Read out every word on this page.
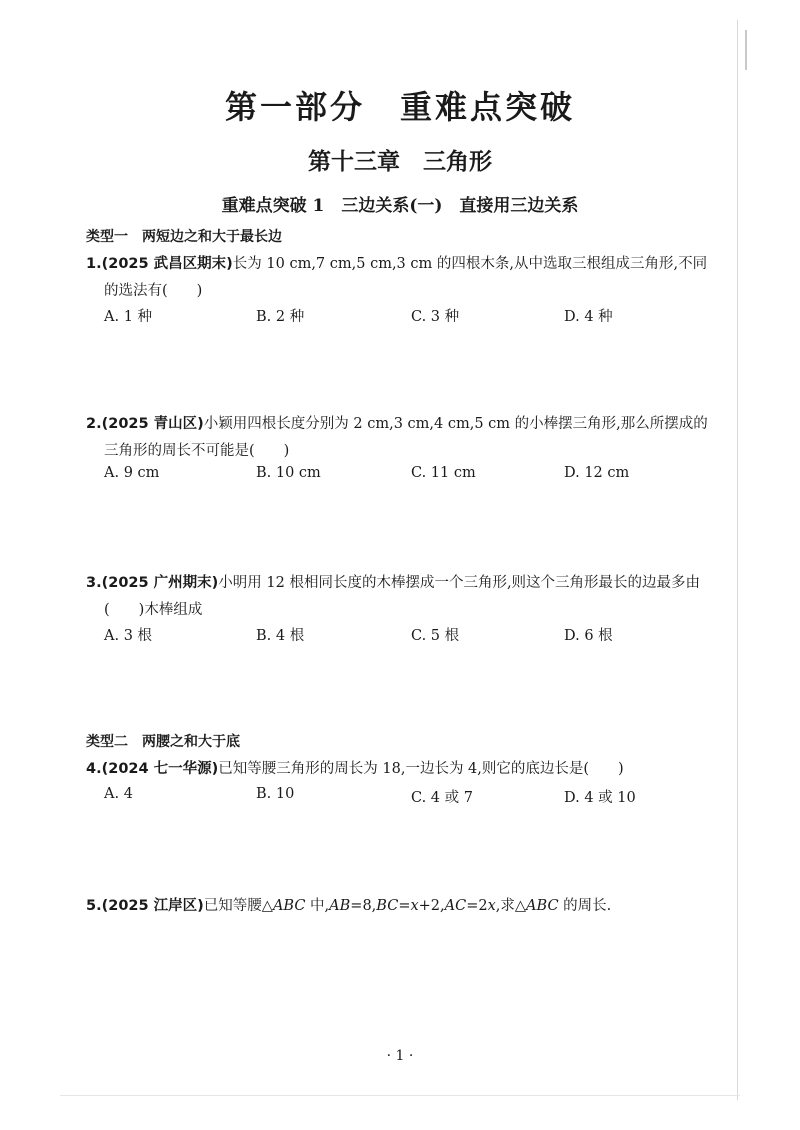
第一部分　重难点突破
第十三章　三角形
重难点突破 1　三边关系(一)　直接用三边关系
类型一　两短边之和大于最长边
1.(2025 武昌区期末)长为 10 cm,7 cm,5 cm,3 cm 的四根木条,从中选取三根组成三角形,不同
的选法有(　　)
A. 1 种	B. 2 种	C. 3 种	D. 4 种
2.(2025 青山区)小颖用四根长度分别为 2 cm,3 cm,4 cm,5 cm 的小棒摆三角形,那么所摆成的
三角形的周长不可能是(　　)
A. 9 cm	B. 10 cm	C. 11 cm	D. 12 cm
3.(2025 广州期末)小明用 12 根相同长度的木棒摆成一个三角形,则这个三角形最长的边最多由
(　　)木棒组成
A. 3 根	B. 4 根	C. 5 根	D. 6 根
类型二　两腰之和大于底
4.(2024 七一华源)已知等腰三角形的周长为 18,一边长为 4,则它的底边长是(　　)
A. 4	B. 10	C. 4 或 7	D. 4 或 10
5.(2025 江岸区)已知等腰△ABC 中,AB=8,BC=x+2,AC=2x,求△ABC 的周长.
· 1 ·
